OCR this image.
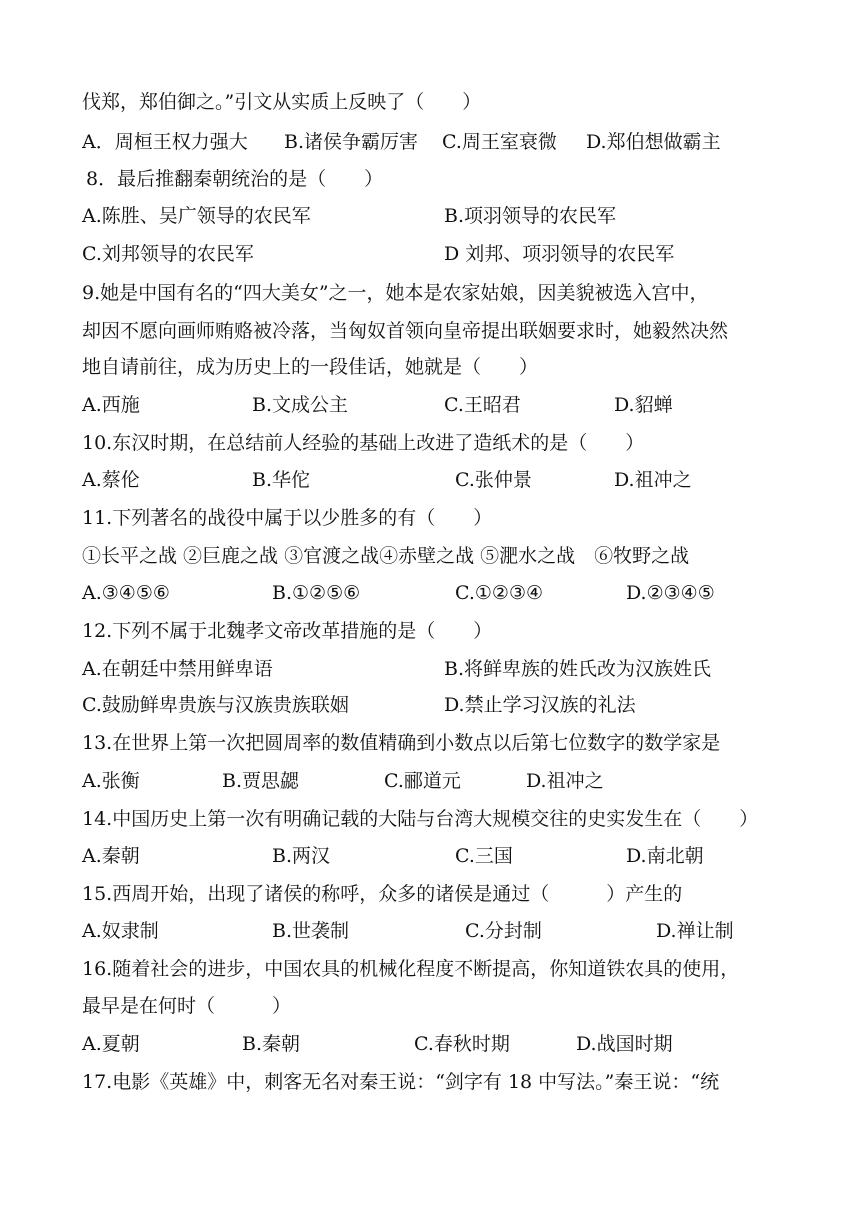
伐郑，郑伯御之。”引文从实质上反映了（　　）
A．周桓王权力强大 B.诸侯争霸厉害 C.周王室衰微 D.郑伯想做霸主
8．最后推翻秦朝统治的是（　　）
A.陈胜、吴广领导的农民军	B.项羽领导的农民军
C.刘邦领导的农民军	D 刘邦、项羽领导的农民军
9.她是中国有名的“四大美女”之一，她本是农家姑娘，因美貌被选入宫中，
却因不愿向画师贿赂被冷落，当匈奴首领向皇帝提出联姻要求时，她毅然决然
地自请前往，成为历史上的一段佳话，她就是（　　）
A.西施	B.文成公主	C.王昭君	D.貂蝉
10.东汉时期，在总结前人经验的基础上改进了造纸术的是（　　）
A.蔡伦	B.华佗	C.张仲景	D.祖冲之
11.下列著名的战役中属于以少胜多的有（　　）
①长平之战 ②巨鹿之战 ③官渡之战④赤壁之战 ⑤淝水之战　⑥牧野之战
A.③④⑤⑥	B.①②⑤⑥	C.①②③④	D.②③④⑤
12.下列不属于北魏孝文帝改革措施的是（　　）
A.在朝廷中禁用鲜卑语	B.将鲜卑族的姓氏改为汉族姓氏
C.鼓励鲜卑贵族与汉族贵族联姻	D.禁止学习汉族的礼法
13.在世界上第一次把圆周率的数值精确到小数点以后第七位数字的数学家是
A.张衡	B.贾思勰	C.郦道元	D.祖冲之
14.中国历史上第一次有明确记载的大陆与台湾大规模交往的史实发生在（　　）
A.秦朝	B.两汉	C.三国	D.南北朝
15.西周开始，出现了诸侯的称呼，众多的诸侯是通过（　　　）产生的
A.奴隶制	B.世袭制	C.分封制	D.禅让制
16.随着社会的进步，中国农具的机械化程度不断提高，你知道铁农具的使用，
最早是在何时（　　　）
A.夏朝	B.秦朝	C.春秋时期	D.战国时期
17.电影《英雄》中，刺客无名对秦王说：“剑字有 18 中写法。”秦王说：“统
